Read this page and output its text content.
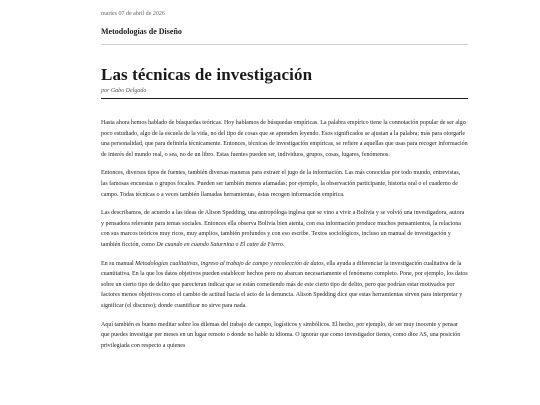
martes 07 de abril de 2026
Metodologías de Diseño
Las técnicas de investigación
por Gabo Delgado

Hasta ahora hemos hablado de búsquedas teóricas. Hoy hablamos de búsquedas empíricas. La palabra empírico tiene la connotación popular de ser algo poco estudiado, algo de la escuela de la vida, no del tipo de cosas que se aprenden leyendo. Esos significados se ajustan a la palabra; más para otorgarle una personalidad, que para definirla técnicamente. Entonces, técnicas de investigación empíricas, se refiere a aquellas que usas para recoger información de interés del mundo real, o sea, no de un libro. Estas fuentes pueden ser, individuos, grupos, cosas, lugares, fenómenos.

Entonces, diversos tipos de fuentes, también diversas maneras para extraer el jugo de la información. Las más conocidas por todo mundo, entrevistas, las famosas encuestas o grupos focales. Pueden ser también menos afamadas; por ejemplo, la observación participante, historia oral o el cuaderno de campo. Todas técnicas o a veces también llamadas herramientas, éstas recogen información empírica.

Las describamos, de acuerdo a las ideas de Alison Spedding, una antropóloga inglesa que se vino a vivir a Bolivia y se volvió una investigadora, autora y pensadora relevante para temas sociales. Entonces ella observa Bolivia bien atenta, con esa información produce muchos pensamientos, la relaciona con sus marcos teóricos muy ricos, muy amplios, también profundos y con eso escribe. Textos sociológicos, incluso un manual de investigación y también ficción, como De cuando en cuando Saturnina o El catre de Fierro.

En su manual Metodologías cualitativas, ingreso al trabajo de campo y recolección de datos, ella ayuda a diferenciar la investigación cualitativa de la cuantitativa. En la que los datos objetivos pueden establecer hechos pero no abarcan necesariamente el fenómeno completo. Pone, por ejemplo, los datos sobre un cierto tipo de delito que parecieran indicar que se están cometiendo más de este cierto tipo de delito, pero que podrían estar motivados por factores menos objetivos como el cambio de actitud hacia el acto de la denuncia. Alison Spedding dice que estas herramientas sirven para interpretar y significar (el discurso); donde cuantificar no sirve para nada.

Aquí también es bueno meditar sobre los dilemas del trabajo de campo, logísticos y simbólicos. El hecho, por ejemplo, de ser muy inocente y pensar que puedes investigar per meses en un lugar remoto o donde no hable tu idioma. O ignorar que como investigador tienes, como dice AS, una posición privilegiada con respecto a quienes
